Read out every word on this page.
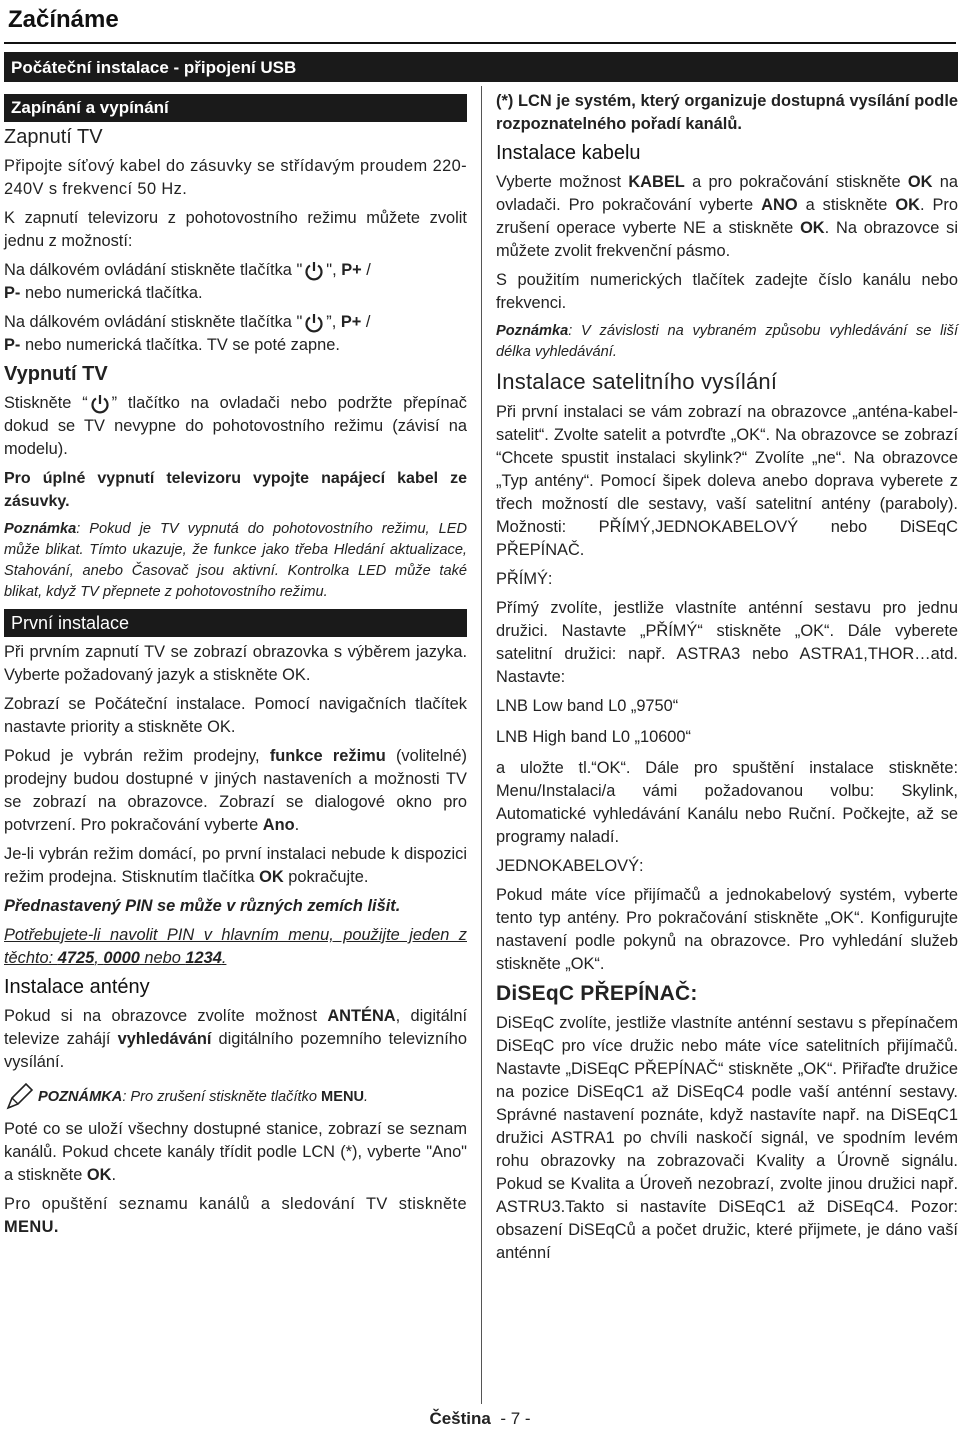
Začínáme
Počáteční instalace - připojení USB
Zapínání a vypínání
Zapnutí TV

Připojte síťový kabel do zásuvky se střídavým proudem 220-240V s frekvencí 50 Hz.

K zapnutí televizoru z pohotovostního režimu můžete zvolit jednu z možností:

Na dálkovém ovládání stiskněte tlačítka " ", P+ /
P- nebo numerická tlačítka.

Na dálkovém ovládání stiskněte tlačítka " ”, P+ /
P- nebo numerická tlačítka. TV se poté zapne.

Vypnutí TV

Stiskněte “ ” tlačítko na ovladači nebo podržte přepínač dokud se TV nevypne do pohotovostního režimu (závisí na modelu).

Pro úplné vypnutí televizoru vypojte napájecí kabel ze zásuvky.

Poznámka: Pokud je TV vypnutá do pohotovostního režimu, LED může blikat. Tímto ukazuje, že funkce jako třeba Hledání aktualizace, Stahování, anebo Časovač jsou aktivní. Kontrolka LED může také blikat, když TV přepnete z pohotovostního režimu.

První instalace

Při prvním zapnutí TV se zobrazí obrazovka s výběrem jazyka. Vyberte požadovaný jazyk a stiskněte OK.

Zobrazí se Počáteční instalace. Pomocí navigačních tlačítek nastavte priority a stiskněte OK.

Pokud je vybrán režim prodejny, funkce režimu (volitelné) prodejny budou dostupné v jiných nastaveních a možnosti TV se zobrazí na obrazovce. Zobrazí se dialogové okno pro potvrzení. Pro pokračování vyberte Ano.

Je-li vybrán režim domácí, po první instalaci nebude k dispozici režim prodejna. Stisknutím tlačítka OK pokračujte.

Přednastavený PIN se může v různých zemích lišit.

Potřebujete-li navolit PIN v hlavním menu, použijte jeden z těchto: 4725, 0000 nebo 1234.

Instalace antény

Pokud si na obrazovce zvolíte možnost ANTÉNA, digitální televize zahájí vyhledávání digitálního pozemního televizního vysílání.

POZNÁMKA: Pro zrušení stiskněte tlačítko MENU.

Poté co se uloží všechny dostupné stanice, zobrazí se seznam kanálů. Pokud chcete kanály třídit podle LCN (*), vyberte "Ano" a stiskněte OK.

Pro opuštění seznamu kanálů a sledování TV stiskněte MENU.

(*) LCN je systém, který organizuje dostupná vysílání podle rozpoznatelného pořadí kanálů.

Instalace kabelu

Vyberte možnost KABEL a pro pokračování stiskněte OK na ovladači. Pro pokračování vyberte ANO a stiskněte OK. Pro zrušení operace vyberte NE a stiskněte OK. Na obrazovce si můžete zvolit frekvenční pásmo.

S použitím numerických tlačítek zadejte číslo kanálu nebo frekvenci.

Poznámka: V závislosti na vybraném způsobu vyhledávání se liší délka vyhledávání.

Instalace satelitního vysílání

Při první instalaci se vám zobrazí na obrazovce „anténa-kabel-satelit“. Zvolte satelit a potvrďte „OK“. Na obrazovce se zobrazí “Chcete spustit instalaci skylink?“ Zvolíte „ne“. Na obrazovce „Typ antény“. Pomocí šipek doleva anebo doprava vyberete z třech možností dle sestavy, vaší satelitní antény (paraboly). Možnosti: PŘÍMÝ,JEDNOKABELOVÝ nebo DiSEqC PŘEPÍNAČ.

PŘÍMÝ:

Přímý zvolíte, jestliže vlastníte anténní sestavu pro jednu družici. Nastavte „PŘÍMÝ“ stiskněte „OK“. Dále vyberete satelitní družici: např. ASTRA3 nebo ASTRA1,THOR…atd. Nastavte:

LNB Low band L0 „9750“

LNB High band L0 „10600“

a uložte tl.“OK“. Dále pro spuštění instalace stiskněte: Menu/Instalaci/a vámi požadovanou volbu: Skylink, Automatické vyhledávání Kanálu nebo Ruční. Počkejte, až se programy naladí.

JEDNOKABELOVÝ:

Pokud máte více přijímačů a jednokabelový systém, vyberte tento typ antény. Pro pokračování stiskněte „OK“. Konfigurujte nastavení podle pokynů na obrazovce. Pro vyhledání služeb stiskněte „OK“.

DiSEqC PŘEPÍNAČ:

DiSEqC zvolíte, jestliže vlastníte anténní sestavu s přepínačem DiSEqC pro více družic nebo máte více satelitních přijímačů. Nastavte „DiSEqC PŘEPÍNAČ“ stiskněte „OK“. Přiřaďte družice na pozice DiSEqC1 až DiSEqC4 podle vaší anténní sestavy. Správné nastavení poznáte, když nastavíte např. na DiSEqC1 družici ASTRA1 po chvíli naskočí signál, ve spodním levém rohu obrazovky na zobrazovači Kvality a Úrovně signálu. Pokud se Kvalita a Úroveň nezobrazí, zvolte jinou družici např. ASTRU3.Takto si nastavíte DiSEqC1 až DiSEqC4. Pozor: obsazení DiSEqCů a počet družic, které přijmete, je dáno vaší anténní

Čeština - 7 -
